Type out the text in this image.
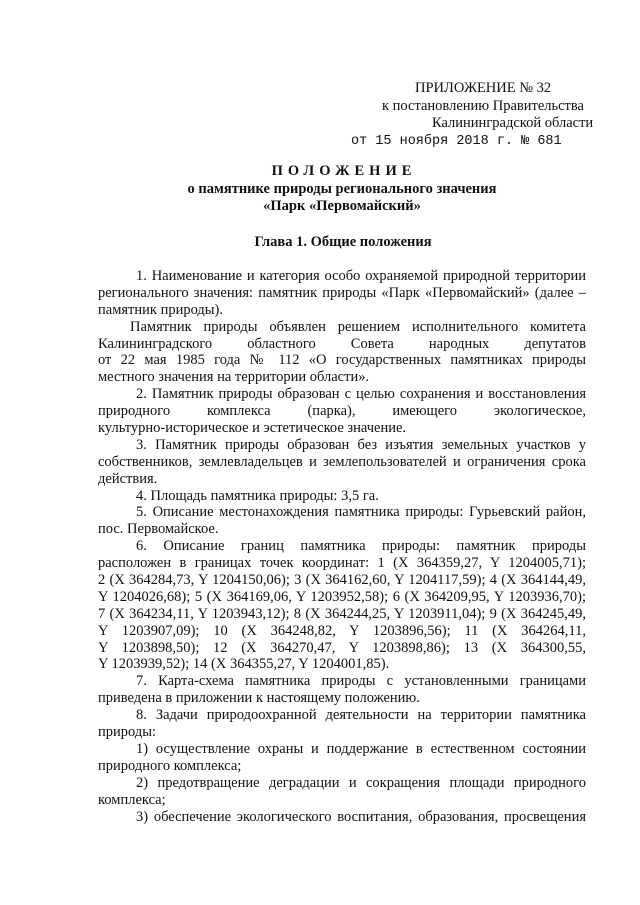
ПРИЛОЖЕНИЕ № 32
к постановлению Правительства
Калининградской области
от 15 ноября 2018 г. № 681
ПОЛОЖЕНИЕ
о памятнике природы регионального значения
«Парк «Первомайский»
Глава 1. Общие положения
1. Наименование и категория особо охраняемой природной территории
регионального значения: памятник природы «Парк «Первомайский» (далее –
памятник природы).
Памятник природы объявлен решением исполнительного комитета
Калининградского областного Совета народных депутатов
от 22 мая 1985 года № 112 «О государственных памятниках природы
местного значения на территории области».
2. Памятник природы образован с целью сохранения и восстановления
природного комплекса (парка), имеющего экологическое,
культурно-историческое и эстетическое значение.
3. Памятник природы образован без изъятия земельных участков у
собственников, землевладельцев и землепользователей и ограничения срока
действия.
4. Площадь памятника природы: 3,5 га.
5. Описание местонахождения памятника природы: Гурьевский район,
пос. Первомайское.
6. Описание границ памятника природы: памятник природы
расположен в границах точек координат: 1 (X 364359,27, Y 1204005,71);
2 (X 364284,73, Y 1204150,06); 3 (X 364162,60, Y 1204117,59); 4 (X 364144,49,
Y 1204026,68); 5 (X 364169,06, Y 1203952,58); 6 (X 364209,95, Y 1203936,70);
7 (X 364234,11, Y 1203943,12); 8 (X 364244,25, Y 1203911,04); 9 (X 364245,49,
Y 1203907,09); 10 (X 364248,82, Y 1203896,56); 11 (X 364264,11,
Y 1203898,50); 12 (X 364270,47, Y 1203898,86); 13 (X 364300,55,
Y 1203939,52); 14 (X 364355,27, Y 1204001,85).
7. Карта-схема памятника природы с установленными границами
приведена в приложении к настоящему положению.
8. Задачи природоохранной деятельности на территории памятника
природы:
1) осуществление охраны и поддержание в естественном состоянии
природного комплекса;
2) предотвращение деградации и сокращения площади природного
комплекса;
3) обеспечение экологического воспитания, образования, просвещения
